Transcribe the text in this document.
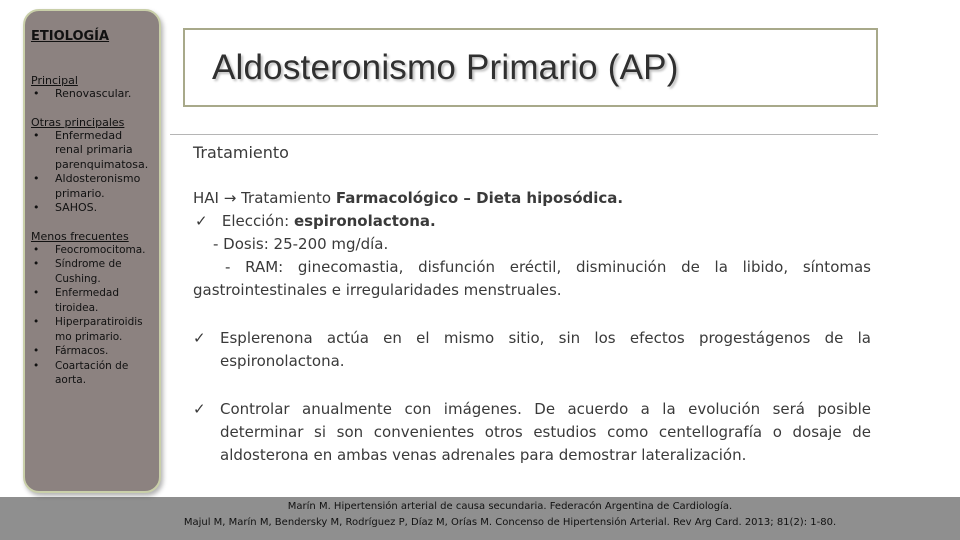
ETIOLOGÍA
Principal
• Renovascular.
Otras principales
• Enfermedad renal primaria parenquimatosa.
• Aldosteronismo primario.
• SAHOS.
Menos frecuentes
• Feocromocitoma.
• Síndrome de Cushing.
• Enfermedad tiroidea.
• Hiperparatiroidis mo primario.
• Fármacos.
• Coartación de aorta.
Aldosteronismo Primario (AP)

Tratamiento

HAI → Tratamiento Farmacológico – Dieta hiposódica.

✓ Elección: espironolactona.

- Dosis: 25-200 mg/día.

- RAM: ginecomastia, disfunción eréctil, disminución de la libido, síntomas

gastrointestinales e irregularidades menstruales.

✓ Esplerenona actúa en el mismo sitio, sin los efectos progestágenos de la espironolactona.
✓ Controlar anualmente con imágenes. De acuerdo a la evolución será posible determinar si son convenientes otros estudios como centellografía o dosaje de aldosterona en ambas venas adrenales para demostrar lateralización.
Marín M. Hipertensión arterial de causa secundaria. Federacón Argentina de Cardiología.
Majul M, Marín M, Bendersky M, Rodríguez P, Díaz M, Orías M. Concenso de Hipertensión Arterial. Rev Arg Card. 2013; 81(2): 1-80.
